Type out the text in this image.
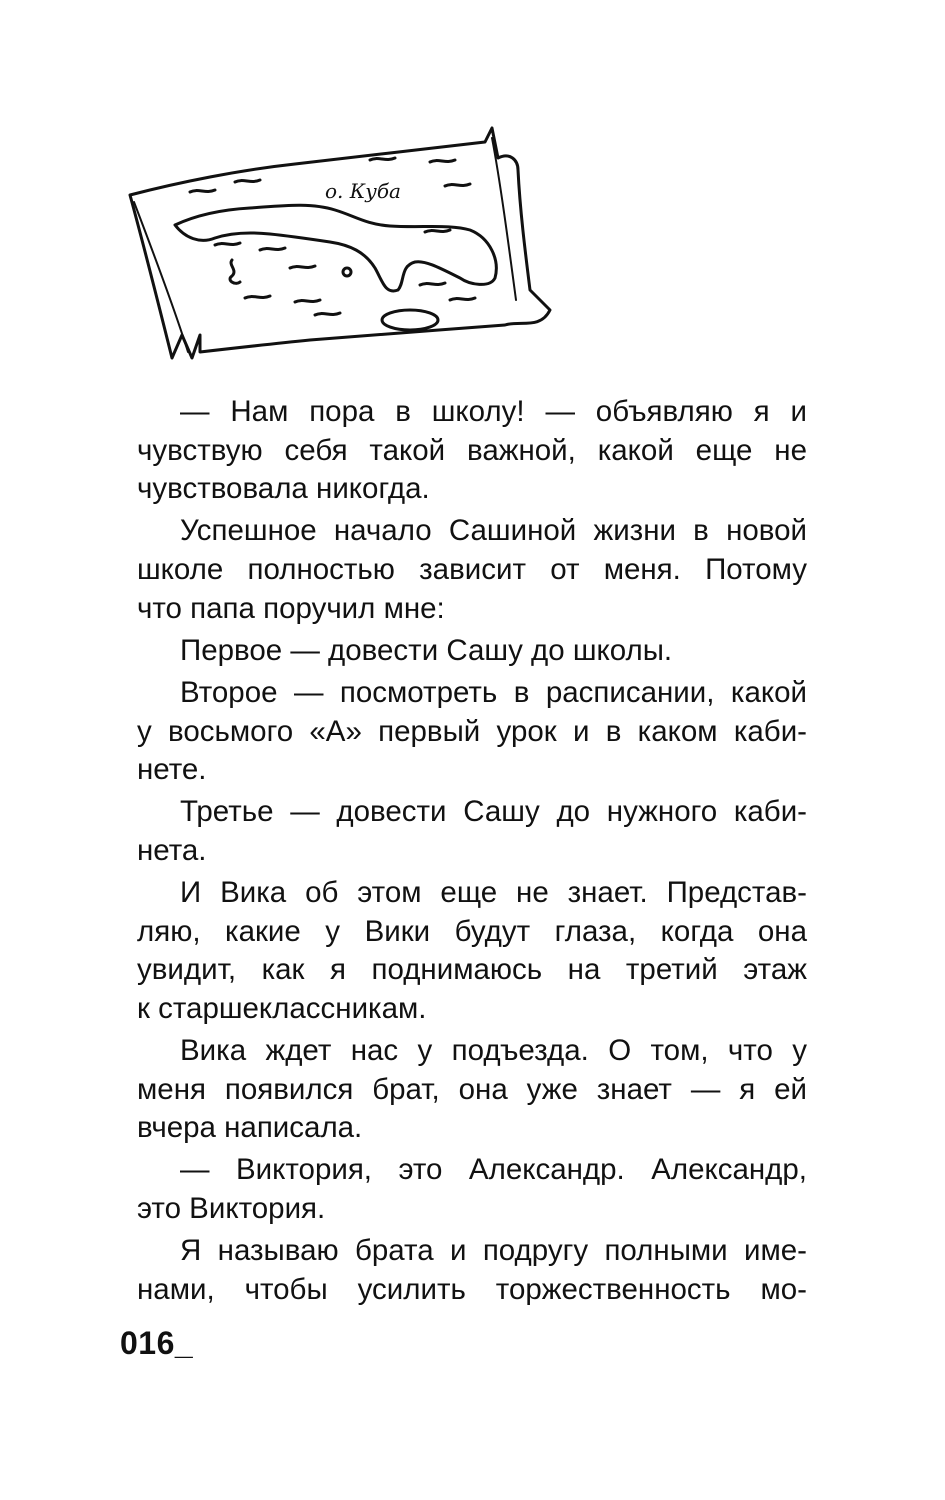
о. Куба
— Нам пора в школу! — объявляю я и
чувствую себя такой важной, какой еще не
чувствовала никогда.
Успешное начало Сашиной жизни в новой
школе полностью зависит от меня. Потому
что папа поручил мне:
Первое — довести Сашу до школы.
Второе — посмотреть в расписании, какой
у восьмого «А» первый урок и в каком каби-
нете.
Третье — довести Сашу до нужного каби-
нета.
И Вика об этом еще не знает. Представ-
ляю, какие у Вики будут глаза, когда она
увидит, как я поднимаюсь на третий этаж
к старшеклассникам.
Вика ждет нас у подъезда. О том, что у
меня появился брат, она уже знает — я ей
вчера написала.
— Виктория, это Александр. Александр,
это Виктория.
Я называю брата и подругу полными име-
нами, чтобы усилить торжественность мо-
016_
